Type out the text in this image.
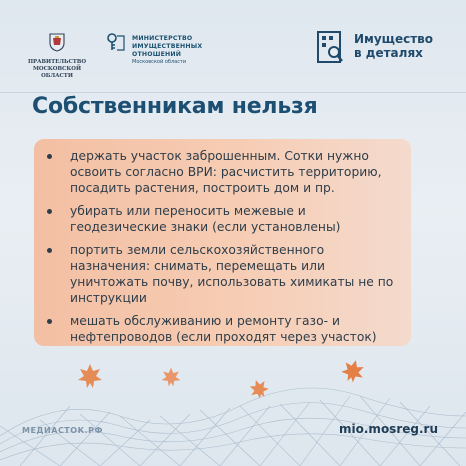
ПРАВИТЕЛЬСТВО
МОСКОВСКОЙ
ОБЛАСТИ
МИНИСТЕРСТВО
ИМУЩЕСТВЕННЫХ
ОТНОШЕНИЙ
Московской области
Имущество
в деталях
Собственникам нельзя
держать участок заброшенным. Сотки нужно освоить согласно ВРИ: расчистить территорию, посадить растения, построить дом и пр.
убирать или переносить межевые и геодезические знаки (если установлены)
портить земли сельскохозяйственного назначения: снимать, перемещать или уничтожать почву, использовать химикаты не по инструкции
мешать обслуживанию и ремонту газо- и нефтепроводов (если проходят через участок)
МЕДИАСТОК.РФ	mio.mosreg.ru
